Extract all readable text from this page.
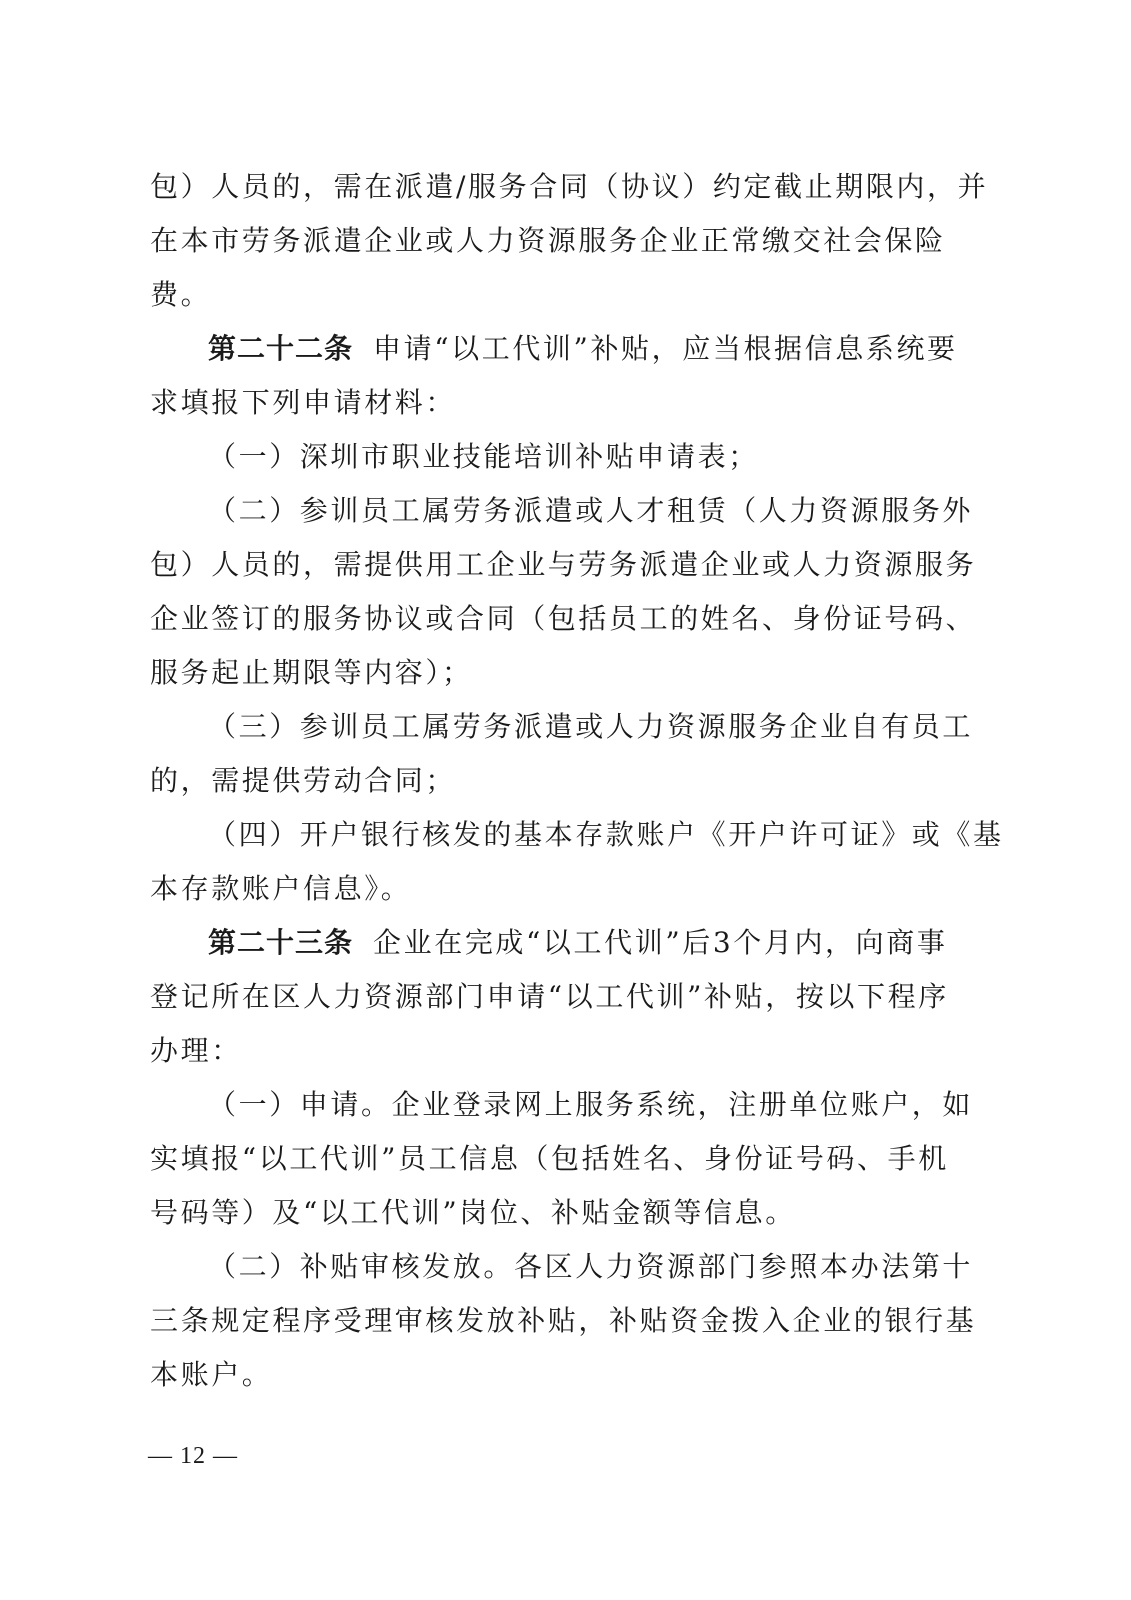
包）人员的，需在派遣/服务合同（协议）约定截止期限内，并
在本市劳务派遣企业或人力资源服务企业正常缴交社会保险
费。
第二十二条 申请“以工代训”补贴，应当根据信息系统要
求填报下列申请材料：
（一）深圳市职业技能培训补贴申请表；
（二）参训员工属劳务派遣或人才租赁（人力资源服务外
包）人员的，需提供用工企业与劳务派遣企业或人力资源服务
企业签订的服务协议或合同（包括员工的姓名、身份证号码、
服务起止期限等内容）；
（三）参训员工属劳务派遣或人力资源服务企业自有员工
的，需提供劳动合同；
（四）开户银行核发的基本存款账户《开户许可证》或《基
本存款账户信息》。
第二十三条 企业在完成“以工代训”后3个月内，向商事
登记所在区人力资源部门申请“以工代训”补贴，按以下程序
办理：
（一）申请。企业登录网上服务系统，注册单位账户，如
实填报“以工代训”员工信息（包括姓名、身份证号码、手机
号码等）及“以工代训”岗位、补贴金额等信息。
（二）补贴审核发放。各区人力资源部门参照本办法第十
三条规定程序受理审核发放补贴，补贴资金拨入企业的银行基
本账户。
— 12 —
